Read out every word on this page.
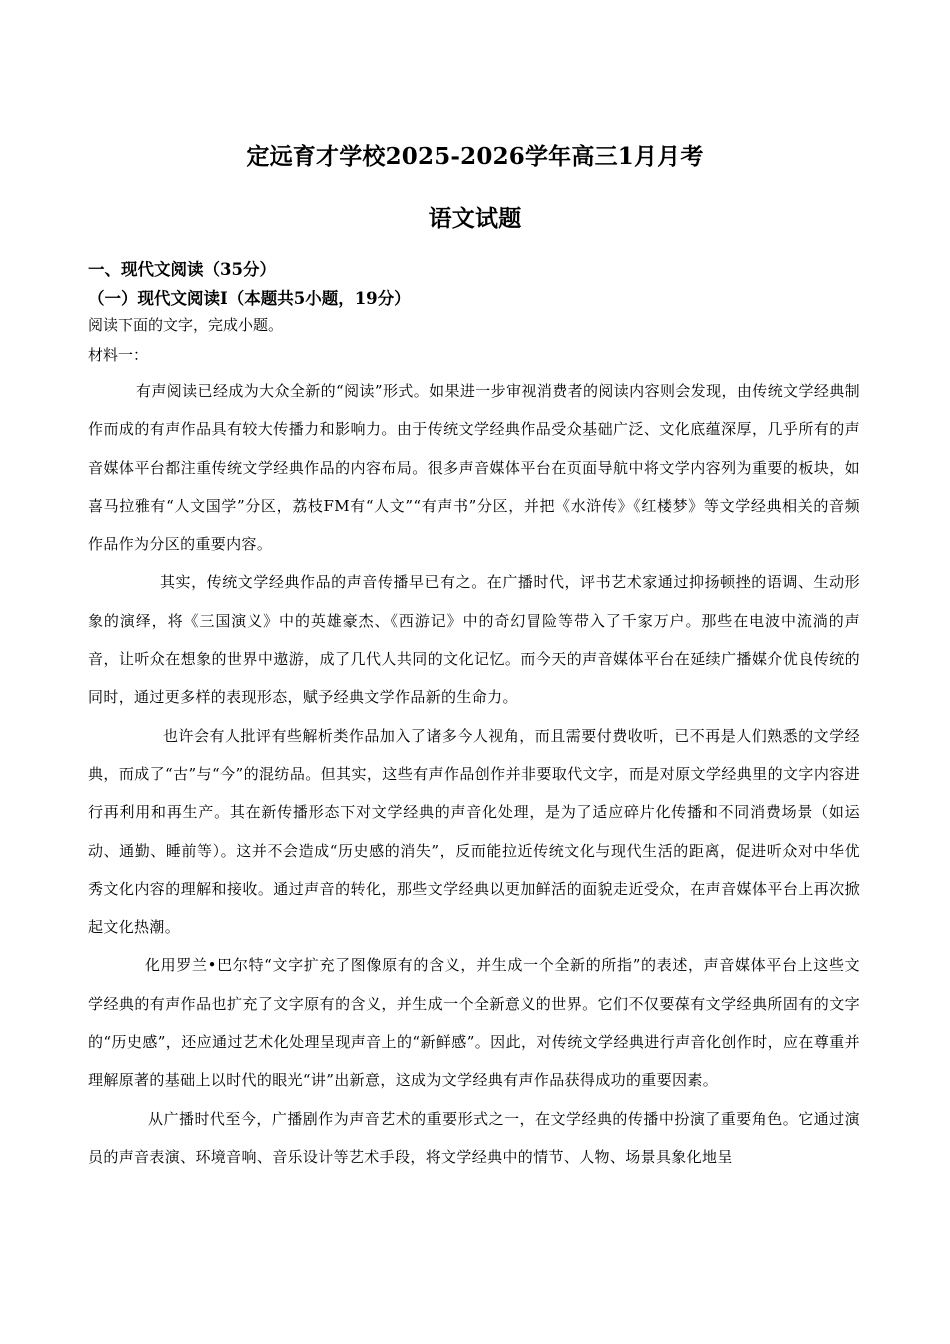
定远育才学校2025-2026学年高三1月月考
语文试题

一、现代文阅读（35分）

（一）现代文阅读Ⅰ（本题共5小题，19分）

阅读下面的文字，完成小题。

材料一：

有声阅读已经成为大众全新的“阅读”形式。如果进一步审视消费者的阅读内容则会发现，由传统文学经典制作而成的有声作品具有较大传播力和影响力。由于传统文学经典作品受众基础广泛、文化底蕴深厚，几乎所有的声音媒体平台都注重传统文学经典作品的内容布局。很多声音媒体平台在页面导航中将文学内容列为重要的板块，如喜马拉雅有“人文国学”分区，荔枝FM有“人文”“有声书”分区，并把《水浒传》《红楼梦》等文学经典相关的音频作品作为分区的重要内容。

其实，传统文学经典作品的声音传播早已有之。在广播时代，评书艺术家通过抑扬顿挫的语调、生动形象的演绎，将《三国演义》中的英雄豪杰、《西游记》中的奇幻冒险等带入了千家万户。那些在电波中流淌的声音，让听众在想象的世界中遨游，成了几代人共同的文化记忆。而今天的声音媒体平台在延续广播媒介优良传统的同时，通过更多样的表现形态，赋予经典文学作品新的生命力。

也许会有人批评有些解析类作品加入了诸多今人视角，而且需要付费收听，已不再是人们熟悉的文学经典，而成了“古”与“今”的混纺品。但其实，这些有声作品创作并非要取代文字，而是对原文学经典里的文字内容进行再利用和再生产。其在新传播形态下对文学经典的声音化处理，是为了适应碎片化传播和不同消费场景（如运动、通勤、睡前等）。这并不会造成“历史感的消失”，反而能拉近传统文化与现代生活的距离，促进听众对中华优秀文化内容的理解和接收。通过声音的转化，那些文学经典以更加鲜活的面貌走近受众，在声音媒体平台上再次掀起文化热潮。

化用罗兰•巴尔特“文字扩充了图像原有的含义，并生成一个全新的所指”的表述，声音媒体平台上这些文学经典的有声作品也扩充了文字原有的含义，并生成一个全新意义的世界。它们不仅要葆有文学经典所固有的文字的“历史感”，还应通过艺术化处理呈现声音上的“新鲜感”。因此，对传统文学经典进行声音化创作时，应在尊重并理解原著的基础上以时代的眼光“讲”出新意，这成为文学经典有声作品获得成功的重要因素。

从广播时代至今，广播剧作为声音艺术的重要形式之一，在文学经典的传播中扮演了重要角色。它通过演员的声音表演、环境音响、音乐设计等艺术手段，将文学经典中的情节、人物、场景具象化地呈
